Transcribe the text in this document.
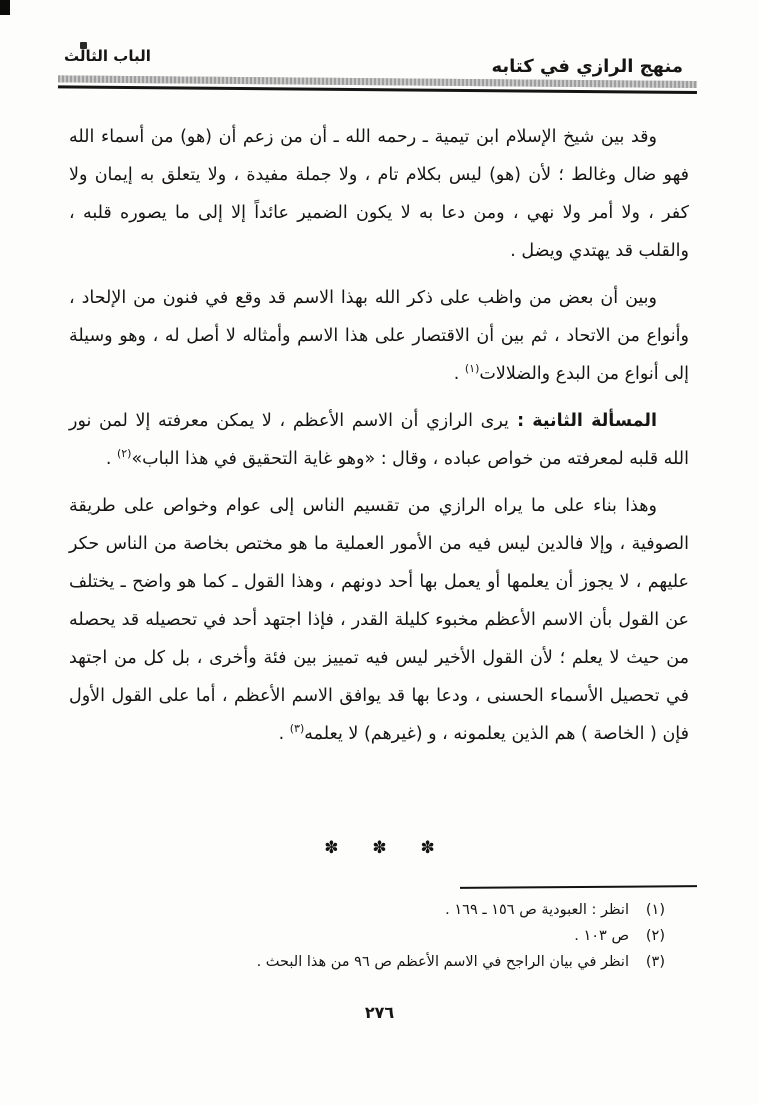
منهج الرازي في كتابه
الباب الثالث

وقد بين شيخ الإسلام ابن تيمية ـ رحمه الله ـ أن من زعم أن (هو) من أسماء الله فهو ضال وغالط ؛ لأن (هو) ليس بكلام تام ، ولا جملة مفيدة ، ولا يتعلق به إيمان ولا كفر ، ولا أمر ولا نهي ، ومن دعا به لا يكون الضمير عائداً إلا إلى ما يصوره قلبه ، والقلب قد يهتدي ويضل .

وبين أن بعض من واظب على ذكر الله بهذا الاسم قد وقع في فنون من الإلحاد ، وأنواع من الاتحاد ، ثم بين أن الاقتصار على هذا الاسم وأمثاله لا أصل له ، وهو وسيلة إلى أنواع من البدع والضلالات$^{(١)}$ .

المسألة الثانية : يرى الرازي أن الاسم الأعظم ، لا يمكن معرفته إلا لمن نور الله قلبه لمعرفته من خواص عباده ، وقال : «وهو غاية التحقيق في هذا الباب»$^{(٢)}$ .

وهذا بناء على ما يراه الرازي من تقسيم الناس إلى عوام وخواص على طريقة الصوفية ، وإلا فالدين ليس فيه من الأمور العملية ما هو مختص بخاصة من الناس حكر عليهم ، لا يجوز أن يعلمها أو يعمل بها أحد دونهم ، وهذا القول ـ كما هو واضح ـ يختلف عن القول بأن الاسم الأعظم مخبوء كليلة القدر ، فإذا اجتهد أحد في تحصيله قد يحصله من حيث لا يعلم ؛ لأن القول الأخير ليس فيه تمييز بين فئة وأخرى ، بل كل من اجتهد في تحصيل الأسماء الحسنى ، ودعا بها قد يوافق الاسم الأعظم ، أما على القول الأول فإن ( الخاصة ) هم الذين يعلمونه ، و (غيرهم) لا يعلمه$^{(٣)}$ .

✽ ✽ ✽
(١)
انظر : العبودية ص ١٥٦ ـ ١٦٩ .
(٢)
ص ١٠٣ .
(٣)
انظر في بيان الراجح في الاسم الأعظم ص ٩٦ من هذا البحث .
٢٧٦
